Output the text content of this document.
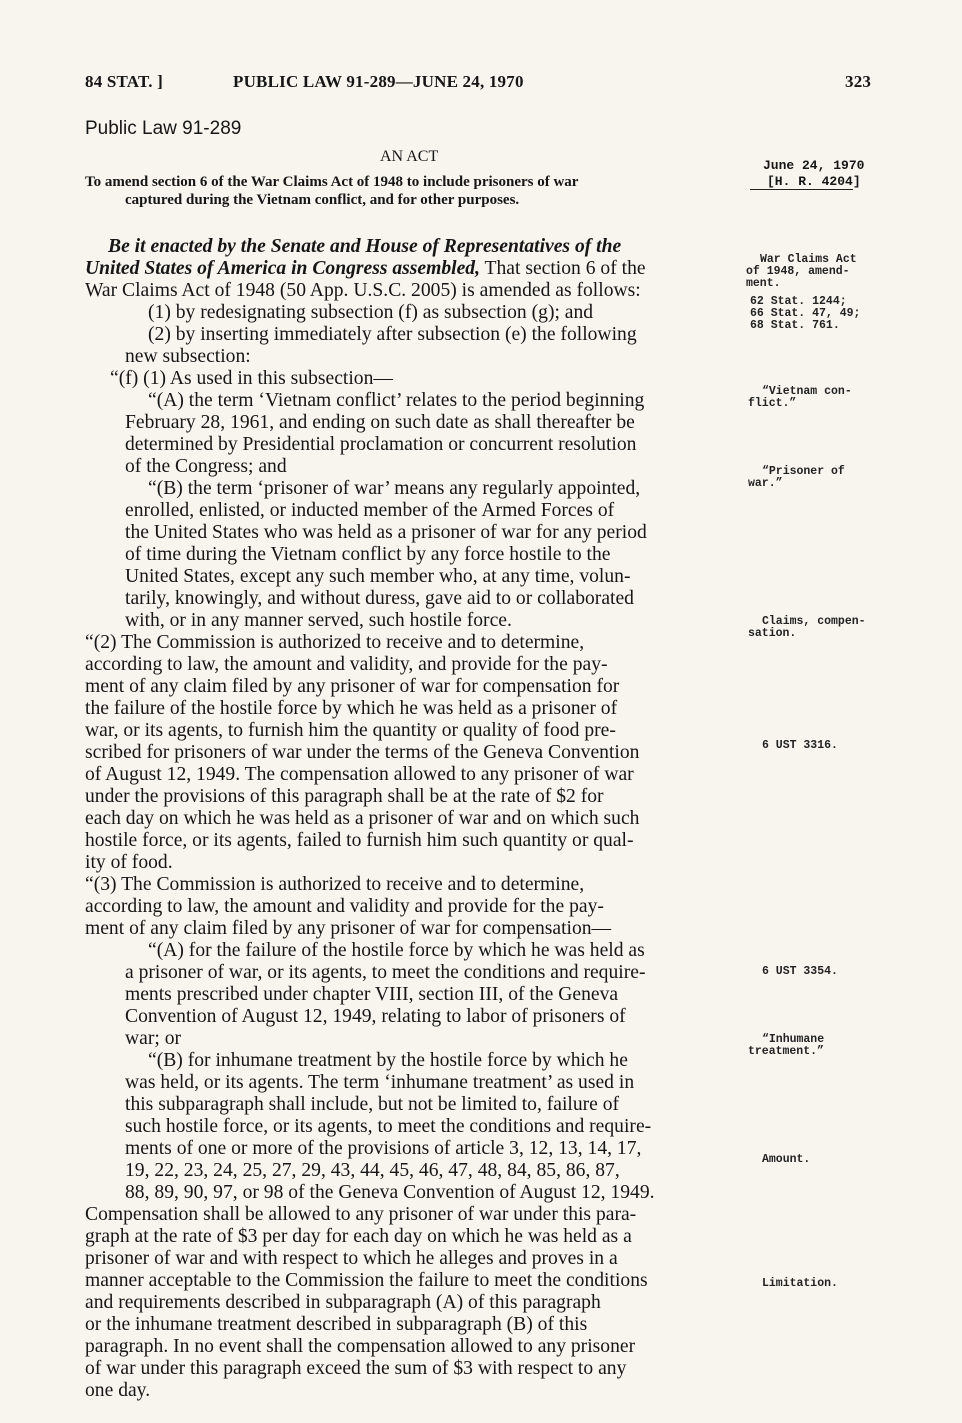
84 STAT. ]	PUBLIC LAW 91-289—JUNE 24, 1970	323
Public Law 91-289
AN ACT
To amend section 6 of the War Claims Act of 1948 to include prisoners of war
captured during the Vietnam conflict, and for other purposes.
June 24, 1970
[H. R. 4204]
Be it enacted by the Senate and House of Representatives of the
United States of America in Congress assembled, That section 6 of the
War Claims Act of 1948 (50 App. U.S.C. 2005) is amended as follows:
(1) by redesignating subsection (f) as subsection (g); and
(2) by inserting immediately after subsection (e) the following
new subsection:
“(f) (1) As used in this subsection—
“(A) the term ‘Vietnam conflict’ relates to the period beginning
February 28, 1961, and ending on such date as shall thereafter be
determined by Presidential proclamation or concurrent resolution
of the Congress; and
“(B) the term ‘prisoner of war’ means any regularly appointed,
enrolled, enlisted, or inducted member of the Armed Forces of
the United States who was held as a prisoner of war for any period
of time during the Vietnam conflict by any force hostile to the
United States, except any such member who, at any time, volun-
tarily, knowingly, and without duress, gave aid to or collaborated
with, or in any manner served, such hostile force.
“(2) The Commission is authorized to receive and to determine,
according to law, the amount and validity, and provide for the pay-
ment of any claim filed by any prisoner of war for compensation for
the failure of the hostile force by which he was held as a prisoner of
war, or its agents, to furnish him the quantity or quality of food pre-
scribed for prisoners of war under the terms of the Geneva Convention
of August 12, 1949. The compensation allowed to any prisoner of war
under the provisions of this paragraph shall be at the rate of $2 for
each day on which he was held as a prisoner of war and on which such
hostile force, or its agents, failed to furnish him such quantity or qual-
ity of food.
“(3) The Commission is authorized to receive and to determine,
according to law, the amount and validity and provide for the pay-
ment of any claim filed by any prisoner of war for compensation—
“(A) for the failure of the hostile force by which he was held as
a prisoner of war, or its agents, to meet the conditions and require-
ments prescribed under chapter VIII, section III, of the Geneva
Convention of August 12, 1949, relating to labor of prisoners of
war; or
“(B) for inhumane treatment by the hostile force by which he
was held, or its agents. The term ‘inhumane treatment’ as used in
this subparagraph shall include, but not be limited to, failure of
such hostile force, or its agents, to meet the conditions and require-
ments of one or more of the provisions of article 3, 12, 13, 14, 17,
19, 22, 23, 24, 25, 27, 29, 43, 44, 45, 46, 47, 48, 84, 85, 86, 87,
88, 89, 90, 97, or 98 of the Geneva Convention of August 12, 1949.
Compensation shall be allowed to any prisoner of war under this para-
graph at the rate of $3 per day for each day on which he was held as a
prisoner of war and with respect to which he alleges and proves in a
manner acceptable to the Commission the failure to meet the conditions
and requirements described in subparagraph (A) of this paragraph
or the inhumane treatment described in subparagraph (B) of this
paragraph. In no event shall the compensation allowed to any prisoner
of war under this paragraph exceed the sum of $3 with respect to any
one day.
War Claims Act
of 1948, amend-
ment.
62 Stat. 1244;
66 Stat. 47, 49;
68 Stat. 761.
“Vietnam con-
flict.”
“Prisoner of
war.”
Claims, compen-
sation.
6 UST 3316.
6 UST 3354.
“Inhumane
treatment.”
Amount.
Limitation.
